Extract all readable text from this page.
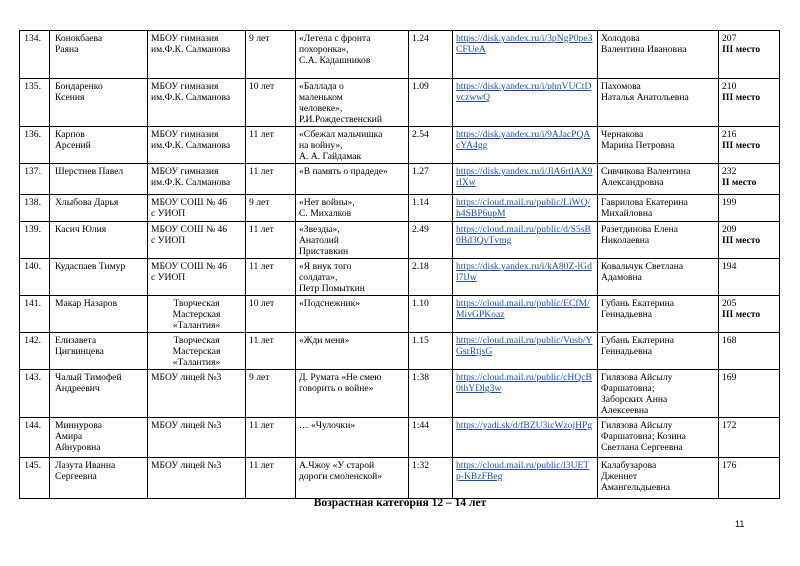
134.	Конокбаева
Раяна	МБОУ гимназия
им.Ф.К. Салманова	9 лет	«Летела с фронта
похоронка»,
С.А. Кадашников	1.24	https://disk.yandex.ru/i/3pNgP0pe3CFUeA	Холодова
Валентина Ивановна	207
III место

135.	Бондаренко
Ксения	МБОУ гимназия
им.Ф.К. Салманова	10 лет	«Баллада о
маленьком
человеке»,
Р.И.Рождественский	1.09	https://disk.yandex.ru/i/phnVUCtDvczwwQ	Пахомова
Наталья Анатольевна	210
III место

136.	Карпов
Арсений	МБОУ гимназия
им.Ф.К. Салманова	11 лет	«Сбежал мальчишка
на войну»,
А. А. Гайдамак	2.54	https://disk.yandex.ru/i/9AJacPQAcYA4gg	Чернакова
Марина Петровна	216
III место

137.	Шерстнев Павел	МБОУ гимназия
им.Ф.К. Салманова	11 лет	«В память о прадеде»	1.27	https://disk.yandex.ru/i/JlA6rtlAX9rlXw	Сивчикова Валентина
Александровна	232
II место

138.	Хлыбова Дарья	МБОУ СОШ № 46
с УИОП	9 лет	«Нет войны»,
С. Михалков	1.14	https://cloud.mail.ru/public/LiWQ/h4SBP6upM	Гаврилова Екатерина
Михайловна	199

139.	Касич Юлия	МБОУ СОШ № 46
с УИОП	11 лет	«Звезды»,
Анатолий
Приставкин	2.49	https://cloud.mail.ru/public/d/S5sB0Bd3QvTvmg	Разетдинова Елена
Николаевна	209
III место

140.	Кудаспаев Тимур	МБОУ СОШ № 46
с УИОП	11 лет	«Я внук того
солдата»,
Петр Помыткин	2.18	https://disk.yandex.ru/i/kA80Z-lGdl7lJw	Ковальчук Светлана
Адамовна	194

141.	Макар Назаров	Творческая
Мастерская
«Талантия»	10 лет	«Подснежник»	1.10	https://cloud.mail.ru/public/ECfM/MivGPKoaz	Губань Екатерина
Геннадьевна	205
III место

142.	Елизавета
Цигвинцева	Творческая
Мастерская
«Талантия»	11 лет	«Жди меня»	1.15	https://cloud.mail.ru/public/Vusb/YGsrRtjsG	Губань Екатерина
Геннадьевна	168

143.	Чалый Тимофей
Андреевич	МБОУ лицей №3	9 лет	Д. Румата «Не смею
говорить о войне»	1:38	https://cloud.mail.ru/public/cHQcB0thYDlg3w	Гилязова Айсылу
Фаршатовна;
Заборских Анна
Алексеевна	169

144.	Миннурова
Амира
Айнуровна	МБОУ лицей №3	11 лет	… «Чулочки»	1:44	https://yadi.sk/d/fBZU3icWzojHPg	Гилязова Айсылу
Фаршатовна; Козина
Светлана Сергеевна	172

145.	Лазута Иванна
Сергеевна	МБОУ лицей №3	11 лет	А.Чжоу «У старой
дороги смоленской»	1:32	https://cloud.mail.ru/public/l3UETp-KBzFBeg	Калабузарова
Дженнет
Амангельдыевна	176
Возрастная категория 12 – 14 лет
11
